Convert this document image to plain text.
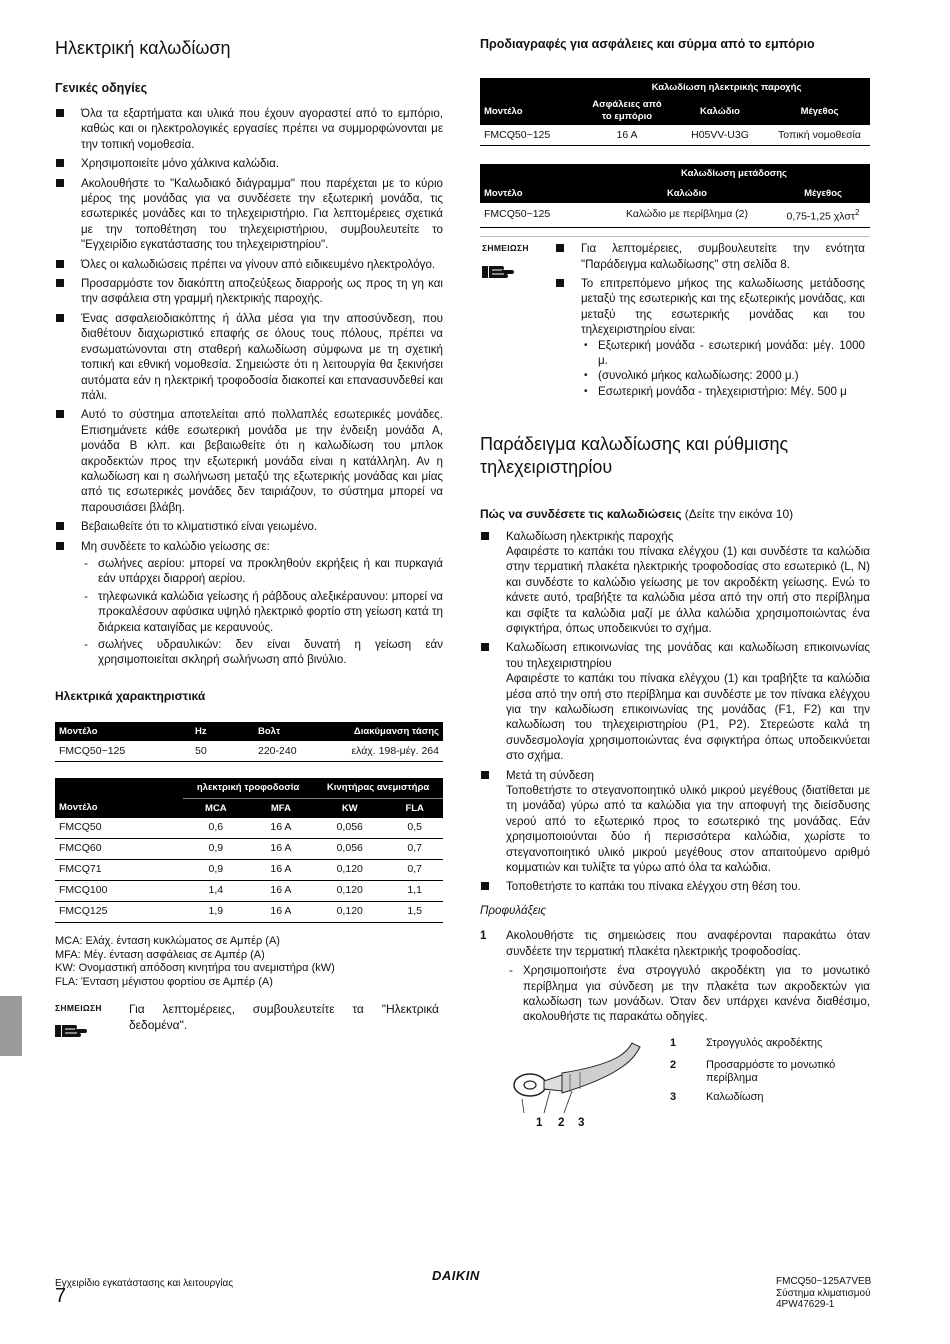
Ηλεκτρική καλωδίωση
Γενικές οδηγίες
Όλα τα εξαρτήματα και υλικά που έχουν αγοραστεί από το εμπόριο, καθώς και οι ηλεκτρολογικές εργασίες πρέπει να συμμορφώνονται με την τοπική νομοθεσία.
Χρησιμοποιείτε μόνο χάλκινα καλώδια.
Ακολουθήστε το "Καλωδιακό διάγραμμα" που παρέχεται με το κύριο μέρος της μονάδας για να συνδέσετε την εξωτερική μονάδα, τις εσωτερικές μονάδες και το τηλεχειριστήριο. Για λεπτομέρειες σχετικά με την τοποθέτηση του τηλεχειριστήριου, συμβουλευτείτε το "Εγχειρίδιο εγκατάστασης του τηλεχειριστηρίου".
Όλες οι καλωδιώσεις πρέπει να γίνουν από ειδικευμένο ηλεκτρολόγο.
Προσαρμόστε τον διακόπτη αποζεύξεως διαρροής ως προς τη γη και την ασφάλεια στη γραμμή ηλεκτρικής παροχής.
Ένας ασφαλειοδιακόπτης ή άλλα μέσα για την αποσύνδεση, που διαθέτουν διαχωριστικό επαφής σε όλους τους πόλους, πρέπει να ενσωματώνονται στη σταθερή καλωδίωση σύμφωνα με τη σχετική τοπική και εθνική νομοθεσία. Σημειώστε ότι η λειτουργία θα ξεκινήσει αυτόματα εάν η ηλεκτρική τροφοδοσία διακοπεί και επανασυνδεθεί και πάλι.
Αυτό το σύστημα αποτελείται από πολλαπλές εσωτερικές μονάδες. Επισημάνετε κάθε εσωτερική μονάδα με την ένδειξη μονάδα Α, μονάδα Β κλπ. και βεβαιωθείτε ότι η καλωδίωση του μπλοκ ακροδεκτών προς την εξωτερική μονάδα είναι η κατάλληλη. Αν η καλωδίωση και η σωλήνωση μεταξύ της εξωτερικής μονάδας και μίας από τις εσωτερικές μονάδες δεν ταιριάζουν, το σύστημα μπορεί να παρουσιάσει βλάβη.
Βεβαιωθείτε ότι το κλιματιστικό είναι γειωμένο.
Μη συνδέετε το καλώδιο γείωσης σε:
- σωλήνες αερίου: μπορεί να προκληθούν εκρήξεις ή και πυρκαγιά εάν υπάρχει διαρροή αερίου.
- τηλεφωνικά καλώδια γείωσης ή ράβδους αλεξικέραυνου: μπορεί να προκαλέσουν αφύσικα υψηλό ηλεκτρικό φορτίο στη γείωση κατά τη διάρκεια καταιγίδας με κεραυνούς.
- σωλήνες υδραυλικών: δεν είναι δυνατή η γείωση εάν χρησιμοποιείται σκληρή σωλήνωση από βινύλιο.
Ηλεκτρικά χαρακτηριστικά
Μοντέλο	Hz	Βολτ	Διακύμανση τάσης
FMCQ50~125	50	220-240	ελάχ. 198-μέγ. 264
	ηλεκτρική τροφοδοσία		Κινητήρας ανεμιστήρα	
Μοντέλο	MCA	MFA	KW	FLA
FMCQ50	0,6	16 A	0,056	0,5
FMCQ60	0,9	16 A	0,056	0,7
FMCQ71	0,9	16 A	0,120	0,7
FMCQ100	1,4	16 A	0,120	1,1
FMCQ125	1,9	16 A	0,120	1,5
MCA: Ελάχ. ένταση κυκλώματος σε Αμπέρ (A)
MFA: Μέγ. ένταση ασφάλειας σε Αμπέρ (A)
KW: Ονομαστική απόδοση κινητήρα του ανεμιστήρα (kW)
FLA: Ένταση μέγιστου φορτίου σε Αμπέρ (A)
ΣΗΜΕΙΩΣΗ	Για λεπτομέρειες, συμβουλευτείτε τα "Ηλεκτρικά δεδομένα".
Προδιαγραφές για ασφάλειες και σύρμα από το εμπόριο
	Καλωδίωση ηλεκτρικής παροχής		
Μοντέλο	Ασφάλειες από το εμπόριο	Καλώδιο	Μέγεθος
FMCQ50~125	16 A	H05VV-U3G	Τοπική νομοθεσία
	Καλωδίωση μετάδοσης	
Μοντέλο	Καλώδιο	Μέγεθος
FMCQ50~125	Καλώδιο με περίβλημα (2)	0,75-1,25 χλστ$^2$
ΣΗΜΕΙΩΣΗ	Για λεπτομέρειες, συμβουλευτείτε την ενότητα "Παράδειγμα καλωδίωσης" στη σελίδα 8.
Το επιτρεπόμενο μήκος της καλωδίωσης μετάδοσης μεταξύ της εσωτερικής και της εξωτερικής μονάδας, και μεταξύ της εσωτερικής μονάδας και του τηλεχειριστηρίου είναι:
• Εξωτερική μονάδα - εσωτερική μονάδα: μέγ. 1000 μ.
• (συνολικό μήκος καλωδίωσης: 2000 μ.)
• Εσωτερική μονάδα - τηλεχειριστήριο: Μέγ. 500 μ
Παράδειγμα καλωδίωσης και ρύθμισης
τηλεχειριστηρίου
Πώς να συνδέσετε τις καλωδιώσεις (Δείτε την εικόνα 10)
Καλωδίωση ηλεκτρικής παροχής
Αφαιρέστε το καπάκι του πίνακα ελέγχου (1) και συνδέστε τα καλώδια στην τερματική πλακέτα ηλεκτρικής τροφοδοσίας στο εσωτερικό (L, N) και συνδέστε το καλώδιο γείωσης με τον ακροδέκτη γείωσης. Ενώ το κάνετε αυτό, τραβήξτε τα καλώδια μέσα από την οπή στο περίβλημα και σφίξτε τα καλώδια μαζί με άλλα καλώδια χρησιμοποιώντας ένα σφιγκτήρα, όπως υποδεικνύει το σχήμα.
Καλωδίωση επικοινωνίας της μονάδας και καλωδίωση επικοινωνίας του τηλεχειριστηρίου
Αφαιρέστε το καπάκι του πίνακα ελέγχου (1) και τραβήξτε τα καλώδια μέσα από την οπή στο περίβλημα και συνδέστε με τον πίνακα ελέγχου για την καλωδίωση επικοινωνίας της μονάδας (F1, F2) και την καλωδίωση του τηλεχειριστηρίου (P1, P2). Στερεώστε καλά τη συνδεσμολογία χρησιμοποιώντας ένα σφιγκτήρα όπως υποδεικνύεται στο σχήμα.
Μετά τη σύνδεση
Τοποθετήστε το στεγανοποιητικό υλικό μικρού μεγέθους (διατίθεται με τη μονάδα) γύρω από τα καλώδια για την αποφυγή της διείσδυσης νερού από το εξωτερικό προς το εσωτερικό της μονάδας. Εάν χρησιμοποιούνται δύο ή περισσότερα καλώδια, χωρίστε το στεγανοποιητικό υλικό μικρού μεγέθους στον απαιτούμενο αριθμό κομματιών και τυλίξτε τα γύρω από όλα τα καλώδια.
Τοποθετήστε το καπάκι του πίνακα ελέγχου στη θέση του.
Προφυλάξεις
1 Ακολουθήστε τις σημειώσεις που αναφέρονται παρακάτω όταν συνδέετε την τερματική πλακέτα ηλεκτρικής τροφοδοσίας.
- Χρησιμοποιήστε ένα στρογγυλό ακροδέκτη για το μονωτικό περίβλημα για σύνδεση με την πλακέτα των ακροδεκτών για καλωδίωση των μονάδων. Όταν δεν υπάρχει κανένα διαθέσιμο, ακολουθήστε τις παρακάτω οδηγίες.
1 2 3
1	Στρογγυλός ακροδέκτης
2	Προσαρμόστε το μονωτικό περίβλημα
3	Καλωδίωση
Εγχειρίδιο εγκατάστασης και λειτουργίας
7
DAIKIN	FMCQ50~125A7VEB
Σύστημα κλιματισμού
4PW47629-1
